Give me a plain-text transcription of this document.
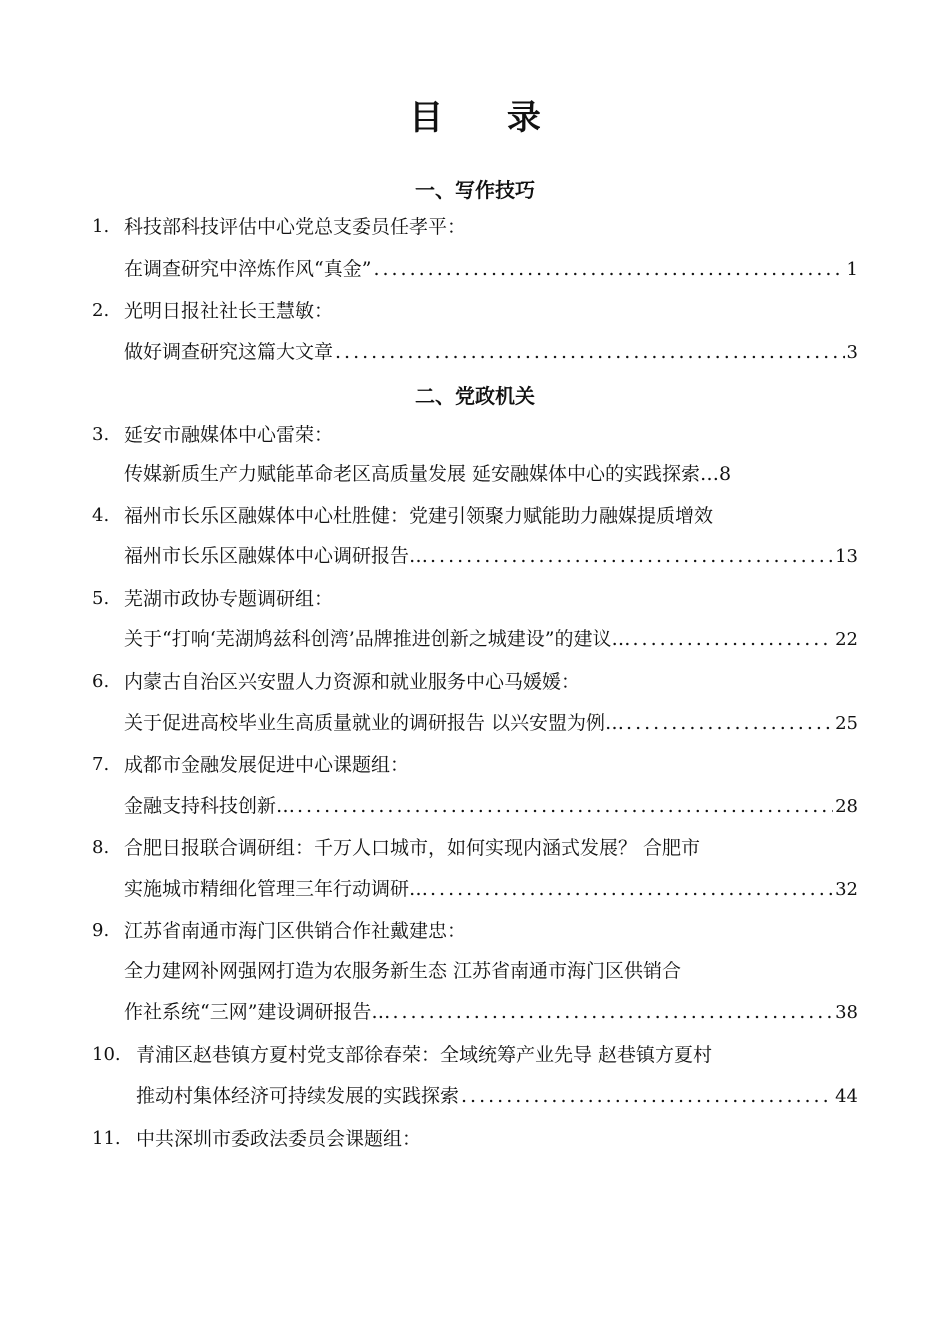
目 录
一、写作技巧
1. 科技部科技评估中心党总支委员任孝平：
在调查研究中淬炼作风“真金” .....	1
2. 光明日报社社长王慧敏：
做好调查研究这篇大文章 .....	3
二、党政机关
3. 延安市融媒体中心雷荣：
传媒新质生产力赋能革命老区高质量发展 延安融媒体中心的实践探索…8
4. 福州市长乐区融媒体中心杜胜健：党建引领聚力赋能助力融媒提质增效
福州市长乐区融媒体中心调研报告… .....	13
5. 芜湖市政协专题调研组：
关于“打响‘芜湖鸠兹科创湾’品牌推进创新之城建设”的建议… .....	22
6. 内蒙古自治区兴安盟人力资源和就业服务中心马媛媛：
关于促进高校毕业生高质量就业的调研报告 以兴安盟为例… .....	25
7. 成都市金融发展促进中心课题组：
金融支持科技创新… .....	28
8. 合肥日报联合调研组：千万人口城市，如何实现内涵式发展？ 合肥市
实施城市精细化管理三年行动调研… .....	32
9. 江苏省南通市海门区供销合作社戴建忠：
全力建网补网强网打造为农服务新生态 江苏省南通市海门区供销合
作社系统“三网”建设调研报告… .....	38
10. 青浦区赵巷镇方夏村党支部徐春荣：全域统筹产业先导 赵巷镇方夏村
推动村集体经济可持续发展的实践探索 .....	44
11. 中共深圳市委政法委员会课题组：
